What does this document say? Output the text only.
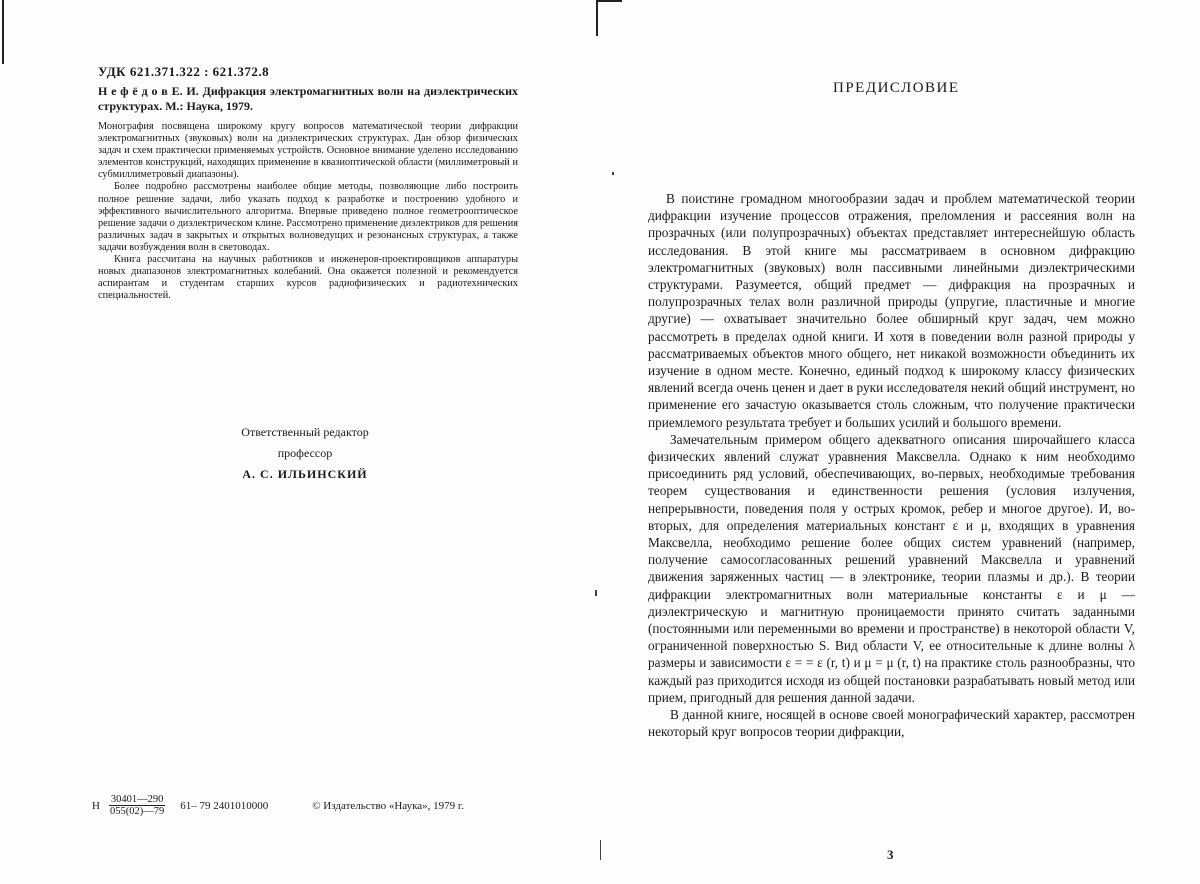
УДК 621.371.322 : 621.372.8
Н е ф ё д о в Е. И. Дифракция электромагнитных волн на диэлектрических структурах. М.: Наука, 1979.

Монография посвящена широкому кругу вопросов математической теории дифракции электромагнитных (звуковых) волн на диэлектрических структурах. Дан обзор физических задач и схем практически применяемых устройств. Основное внимание уделено исследованию элементов конструкций, находящих применение в квазиоптической области (миллиметровый и субмиллиметровый диапазоны).

Более подробно рассмотрены наиболее общие методы, позволяющие либо построить полное решение задачи, либо указать подход к разработке и построению удобного и эффективного вычислительного алгоритма. Впервые приведено полное геометрооптическое решение задачи о диэлектрическом клине. Рассмотрено применение диэлектриков для решения различных задач в закрытых и открытых волноведущих и резонансных структурах, а также задачи возбуждения волн в световодах.

Книга рассчитана на научных работников и инженеров-проектировщиков аппаратуры новых диапазонов электромагнитных колебаний. Она окажется полезной и рекомендуется аспирантам и студентам старших курсов радиофизических и радиотехнических специальностей.

Ответственный редактор
профессор
А. С. ИЛЬИНСКИЙ
Н $\frac{30401—290}{055(02)—79} 61-$ 79 2401010000	© Издательство «Наука», 1979 г.
ПРЕДИСЛОВИЕ

В поистине громадном многообразии задач и проблем математической теории дифракции изучение процессов отражения, преломления и рассеяния волн на прозрачных (или полупрозрачных) объектах представляет интереснейшую область исследования. В этой книге мы рассматриваем в основном дифракцию электромагнитных (звуковых) волн пассивными линейными диэлектрическими структурами. Разумеется, общий предмет — дифракция на прозрачных и полупрозрачных телах волн различной природы (упругие, пластичные и многие другие) — охватывает значительно более обширный круг задач, чем можно рассмотреть в пределах одной книги. И хотя в поведении волн разной природы у рассматриваемых объектов много общего, нет никакой возможности объединить их изучение в одном месте. Конечно, единый подход к широкому классу физических явлений всегда очень ценен и дает в руки исследователя некий общий инструмент, но применение его зачастую оказывается столь сложным, что получение практически приемлемого результата требует и больших усилий и большого времени.

Замечательным примером общего адекватного описания широчайшего класса физических явлений служат уравнения Максвелла. Однако к ним необходимо присоединить ряд условий, обеспечивающих, во-первых, необходимые требования теорем существования и единственности решения (условия излучения, непрерывности, поведения поля у острых кромок, ребер и многое другое). И, во-вторых, для определения материальных констант ε и μ, входящих в уравнения Максвелла, необходимо решение более общих систем уравнений (например, получение самосогласованных решений уравнений Максвелла и уравнений движения заряженных частиц — в электронике, теории плазмы и др.). В теории дифракции электромагнитных волн материальные константы ε и μ — диэлектрическую и магнитную проницаемости принято считать заданными (постоянными или переменными во времени и пространстве) в некоторой области V, ограниченной поверхностью S. Вид области V, ее относительные к длине волны λ размеры и зависимости ε = = ε (r, t) и μ = μ (r, t) на практике столь разнообразны, что каждый раз приходится исходя из общей постановки разрабатывать новый метод или прием, пригодный для решения данной задачи.

В данной книге, носящей в основе своей монографический характер, рассмотрен некоторый круг вопросов теории дифракции,

3
